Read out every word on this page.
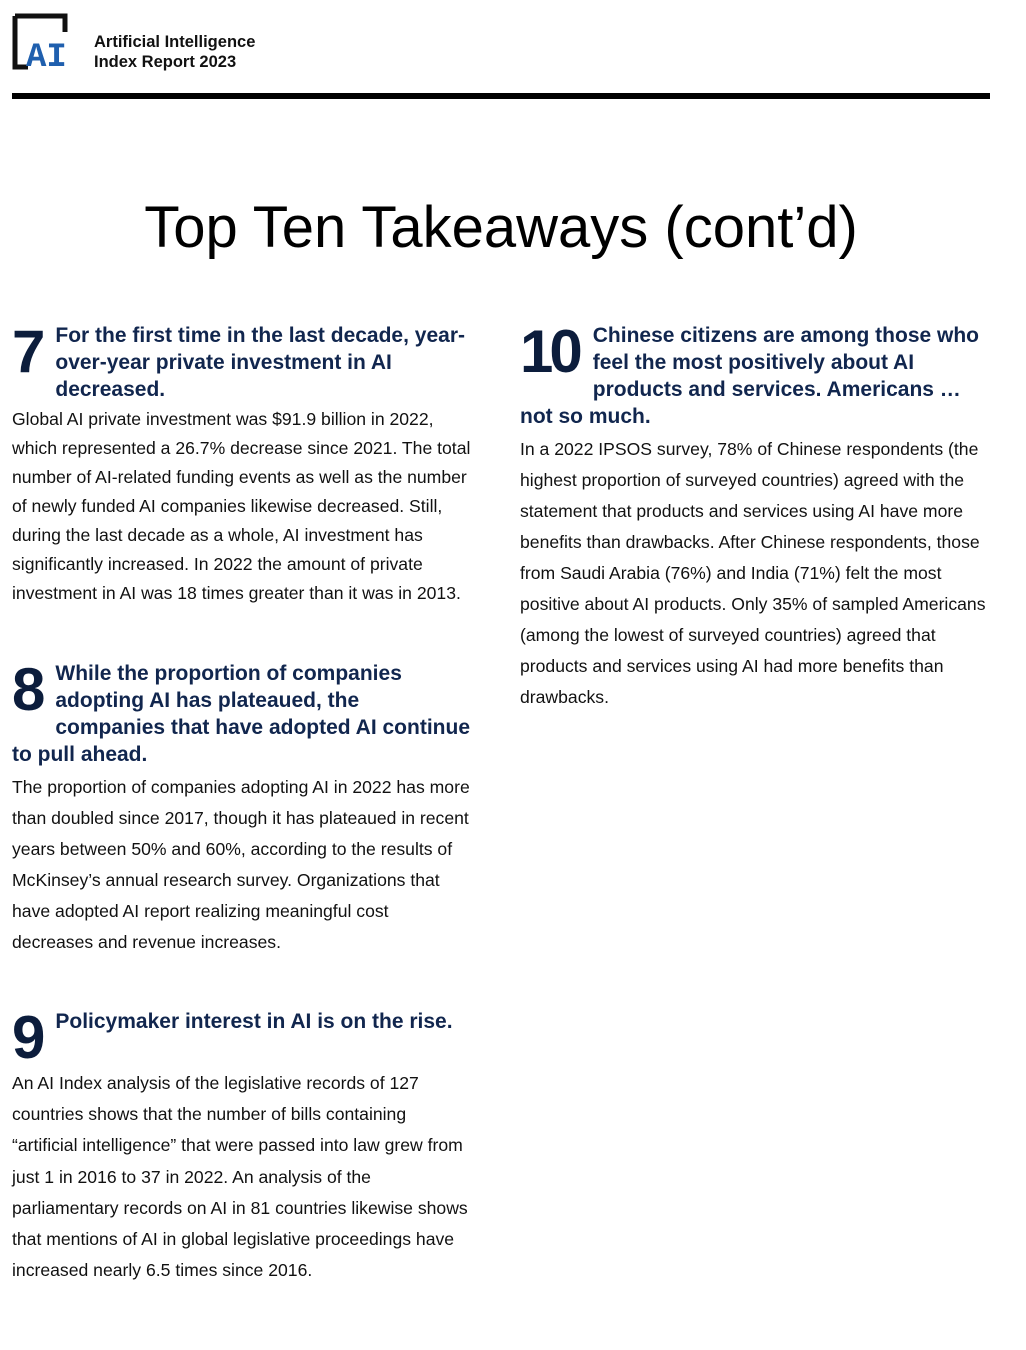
AI Artificial Intelligence
Index Report 2023
Top Ten Takeaways (cont’d)

7 For the first time in the last decade, year-over-year private investment in AI decreased.

Global AI private investment was $91.9 billion in 2022, which represented a 26.7% decrease since 2021. The total number of AI-related funding events as well as the number of newly funded AI companies likewise decreased. Still, during the last decade as a whole, AI investment has significantly increased. In 2022 the amount of private investment in AI was 18 times greater than it was in 2013.

8 While the proportion of companies adopting AI has plateaued, the companies that have adopted AI continue to pull ahead.

The proportion of companies adopting AI in 2022 has more than doubled since 2017, though it has plateaued in recent years between 50% and 60%, according to the results of McKinsey’s annual research survey. Organizations that have adopted AI report realizing meaningful cost decreases and revenue increases.

9 Policymaker interest in AI is on the rise.

An AI Index analysis of the legislative records of 127 countries shows that the number of bills containing “artificial intelligence” that were passed into law grew from just 1 in 2016 to 37 in 2022. An analysis of the parliamentary records on AI in 81 countries likewise shows that mentions of AI in global legislative proceedings have increased nearly 6.5 times since 2016.

10 Chinese citizens are among those who feel the most positively about AI products and services. Americans … not so much.

In a 2022 IPSOS survey, 78% of Chinese respondents (the highest proportion of surveyed countries) agreed with the statement that products and services using AI have more benefits than drawbacks. After Chinese respondents, those from Saudi Arabia (76%) and India (71%) felt the most positive about AI products. Only 35% of sampled Americans (among the lowest of surveyed countries) agreed that products and services using AI had more benefits than drawbacks.
